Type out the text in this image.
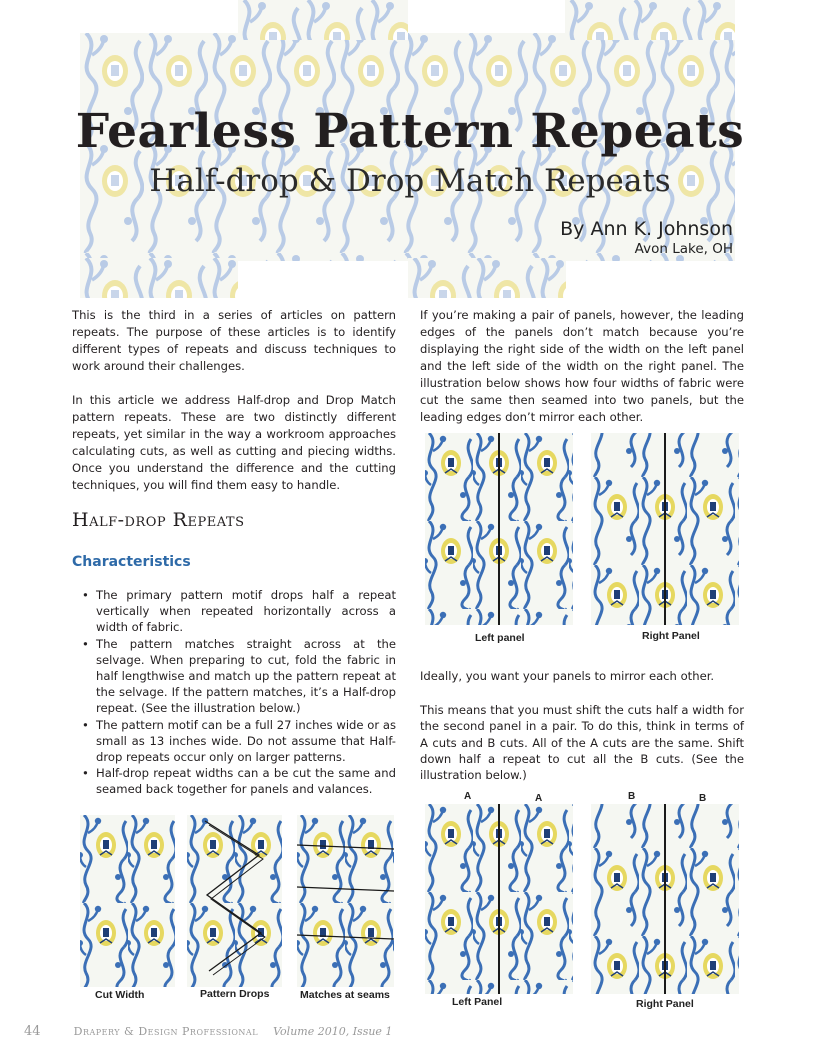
Fearless Pattern Repeats
Half-drop & Drop Match Repeats
By Ann K. Johnson
Avon Lake, OH

This is the third in a series of articles on pattern repeats. The purpose of these articles is to identify different types of repeats and discuss techniques to work around their challenges.

In this article we address Half-drop and Drop Match pattern repeats. These are two distinctly different repeats, yet similar in the way a workroom approaches calculating cuts, as well as cutting and piecing widths. Once you understand the difference and the cutting techniques, you will find them easy to handle.

Half-drop Repeats
Characteristics
• The primary pattern motif drops half a repeat vertically when repeated horizontally across a width of fabric.
• The pattern matches straight across at the selvage. When preparing to cut, fold the fabric in half lengthwise and match up the pattern repeat at the selvage. If the pattern matches, it’s a Half-drop repeat. (See the illustration below.)
• The pattern motif can be a full 27 inches wide or as small as 13 inches wide. Do not assume that Half-drop repeats occur only on larger patterns.
• Half-drop repeat widths can a be cut the same and seamed back together for panels and valances.
If you’re making a pair of panels, however, the leading edges of the panels don’t match because you’re displaying the right side of the width on the left panel and the left side of the width on the right panel. The illustration below shows how four widths of fabric were cut the same then seamed into two panels, but the leading edges don’t mirror each other.
Left panel	Right Panel
Ideally, you want your panels to mirror each other.
This means that you must shift the cuts half a width for the second panel in a pair. To do this, think in terms of A cuts and B cuts. All of the A cuts are the same. Shift down half a repeat to cut all the B cuts. (See the illustration below.)
A	A	B	B
Left Panel	Right Panel
Cut Width	Pattern Drops	Matches at seams
44	Drapery & Design Professional Volume 2010, Issue 1
